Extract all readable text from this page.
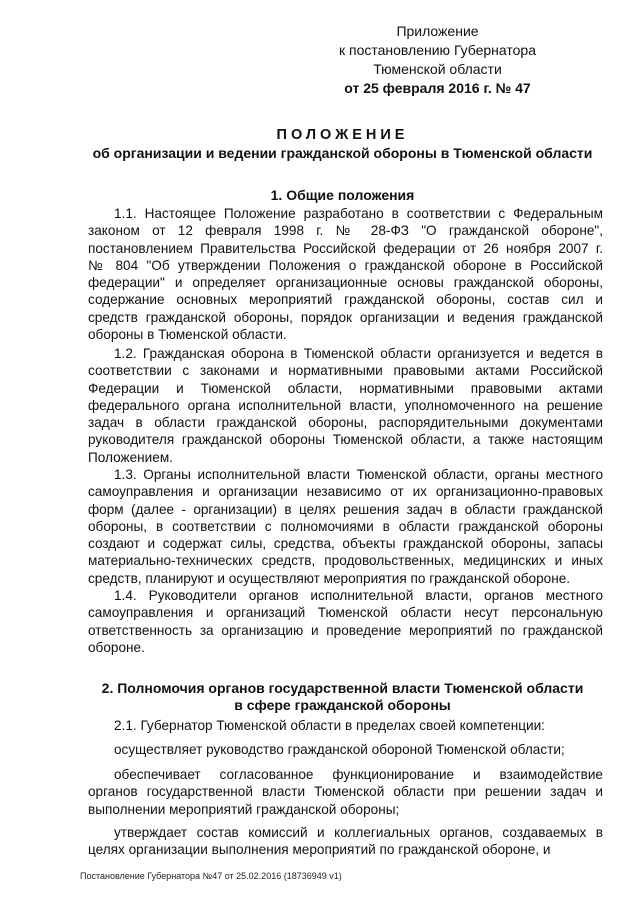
Приложение
к постановлению Губернатора
Тюменской области
от 25 февраля 2016 г. № 47
ПОЛОЖЕНИЕ
об организации и ведении гражданской обороны в Тюменской области
1. Общие положения
1.1. Настоящее Положение разработано в соответствии с Федеральным
законом от 12 февраля 1998 г. № 28-ФЗ "О гражданской обороне",
постановлением Правительства Российской федерации от 26 ноября 2007 г.
№ 804 "Об утверждении Положения о гражданской обороне в Российской
федерации" и определяет организационные основы гражданской обороны,
содержание основных мероприятий гражданской обороны, состав сил и
средств гражданской обороны, порядок организации и ведения гражданской
обороны в Тюменской области.
1.2. Гражданская оборона в Тюменской области организуется и ведется в
соответствии с законами и нормативными правовыми актами Российской
Федерации и Тюменской области, нормативными правовыми актами
федерального органа исполнительной власти, уполномоченного на решение
задач в области гражданской обороны, распорядительными документами
руководителя гражданской обороны Тюменской области, а также настоящим
Положением.
1.3. Органы исполнительной власти Тюменской области, органы местного
самоуправления и организации независимо от их организационно-правовых
форм (далее - организации) в целях решения задач в области гражданской
обороны, в соответствии с полномочиями в области гражданской обороны
создают и содержат силы, средства, объекты гражданской обороны, запасы
материально-технических средств, продовольственных, медицинских и иных
средств, планируют и осуществляют мероприятия по гражданской обороне.
1.4. Руководители органов исполнительной власти, органов местного
самоуправления и организаций Тюменской области несут персональную
ответственность за организацию и проведение мероприятий по гражданской
обороне.
2. Полномочия органов государственной власти Тюменской области
в сфере гражданской обороны
2.1. Губернатор Тюменской области в пределах своей компетенции:
осуществляет руководство гражданской обороной Тюменской области;
обеспечивает согласованное функционирование и взаимодействие
органов государственной власти Тюменской области при решении задач и
выполнении мероприятий гражданской обороны;
утверждает состав комиссий и коллегиальных органов, создаваемых в
целях организации выполнения мероприятий по гражданской обороне, и
Постановление Губернатора №47 от 25.02.2016 (18736949 v1)
